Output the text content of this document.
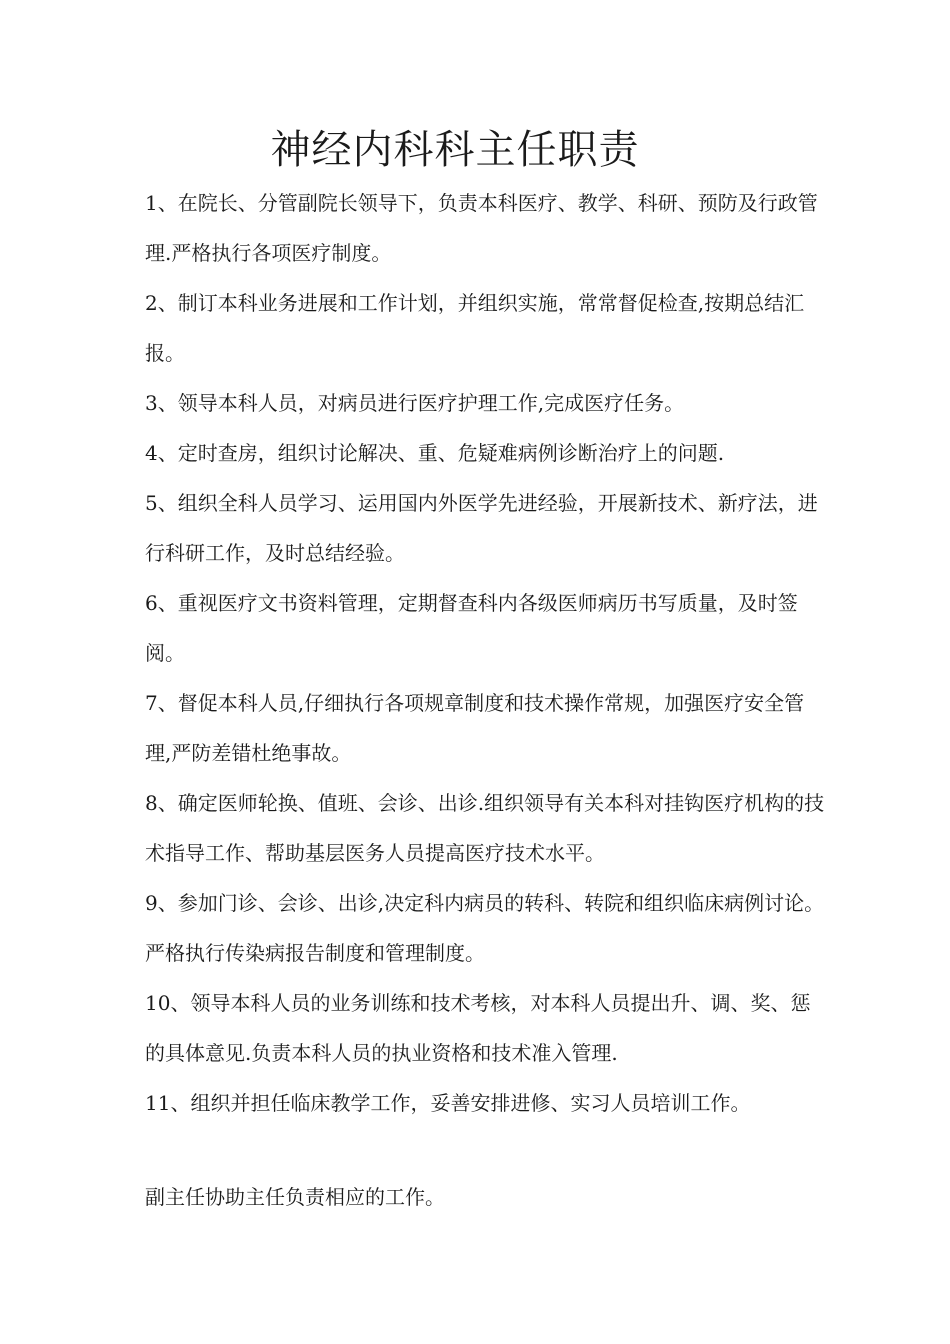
神经内科科主任职责

1、在院长、分管副院长领导下，负责本科医疗、教学、科研、预防及行政管理.严格执行各项医疗制度。

2、制订本科业务进展和工作计划，并组织实施，常常督促检查,按期总结汇报。

3、领导本科人员，对病员进行医疗护理工作,完成医疗任务。

4、定时查房，组织讨论解决、重、危疑难病例诊断治疗上的问题.

5、组织全科人员学习、运用国内外医学先进经验，开展新技术、新疗法，进行科研工作，及时总结经验。

6、重视医疗文书资料管理，定期督查科内各级医师病历书写质量，及时签阅。

7、督促本科人员,仔细执行各项规章制度和技术操作常规，加强医疗安全管理,严防差错杜绝事故。

8、确定医师轮换、值班、会诊、出诊.组织领导有关本科对挂钩医疗机构的技术指导工作、帮助基层医务人员提高医疗技术水平。

9、参加门诊、会诊、出诊,决定科内病员的转科、转院和组织临床病例讨论。严格执行传染病报告制度和管理制度。

10、领导本科人员的业务训练和技术考核，对本科人员提出升、调、奖、惩的具体意见.负责本科人员的执业资格和技术准入管理.

11、组织并担任临床教学工作，妥善安排进修、实习人员培训工作。

副主任协助主任负责相应的工作。
